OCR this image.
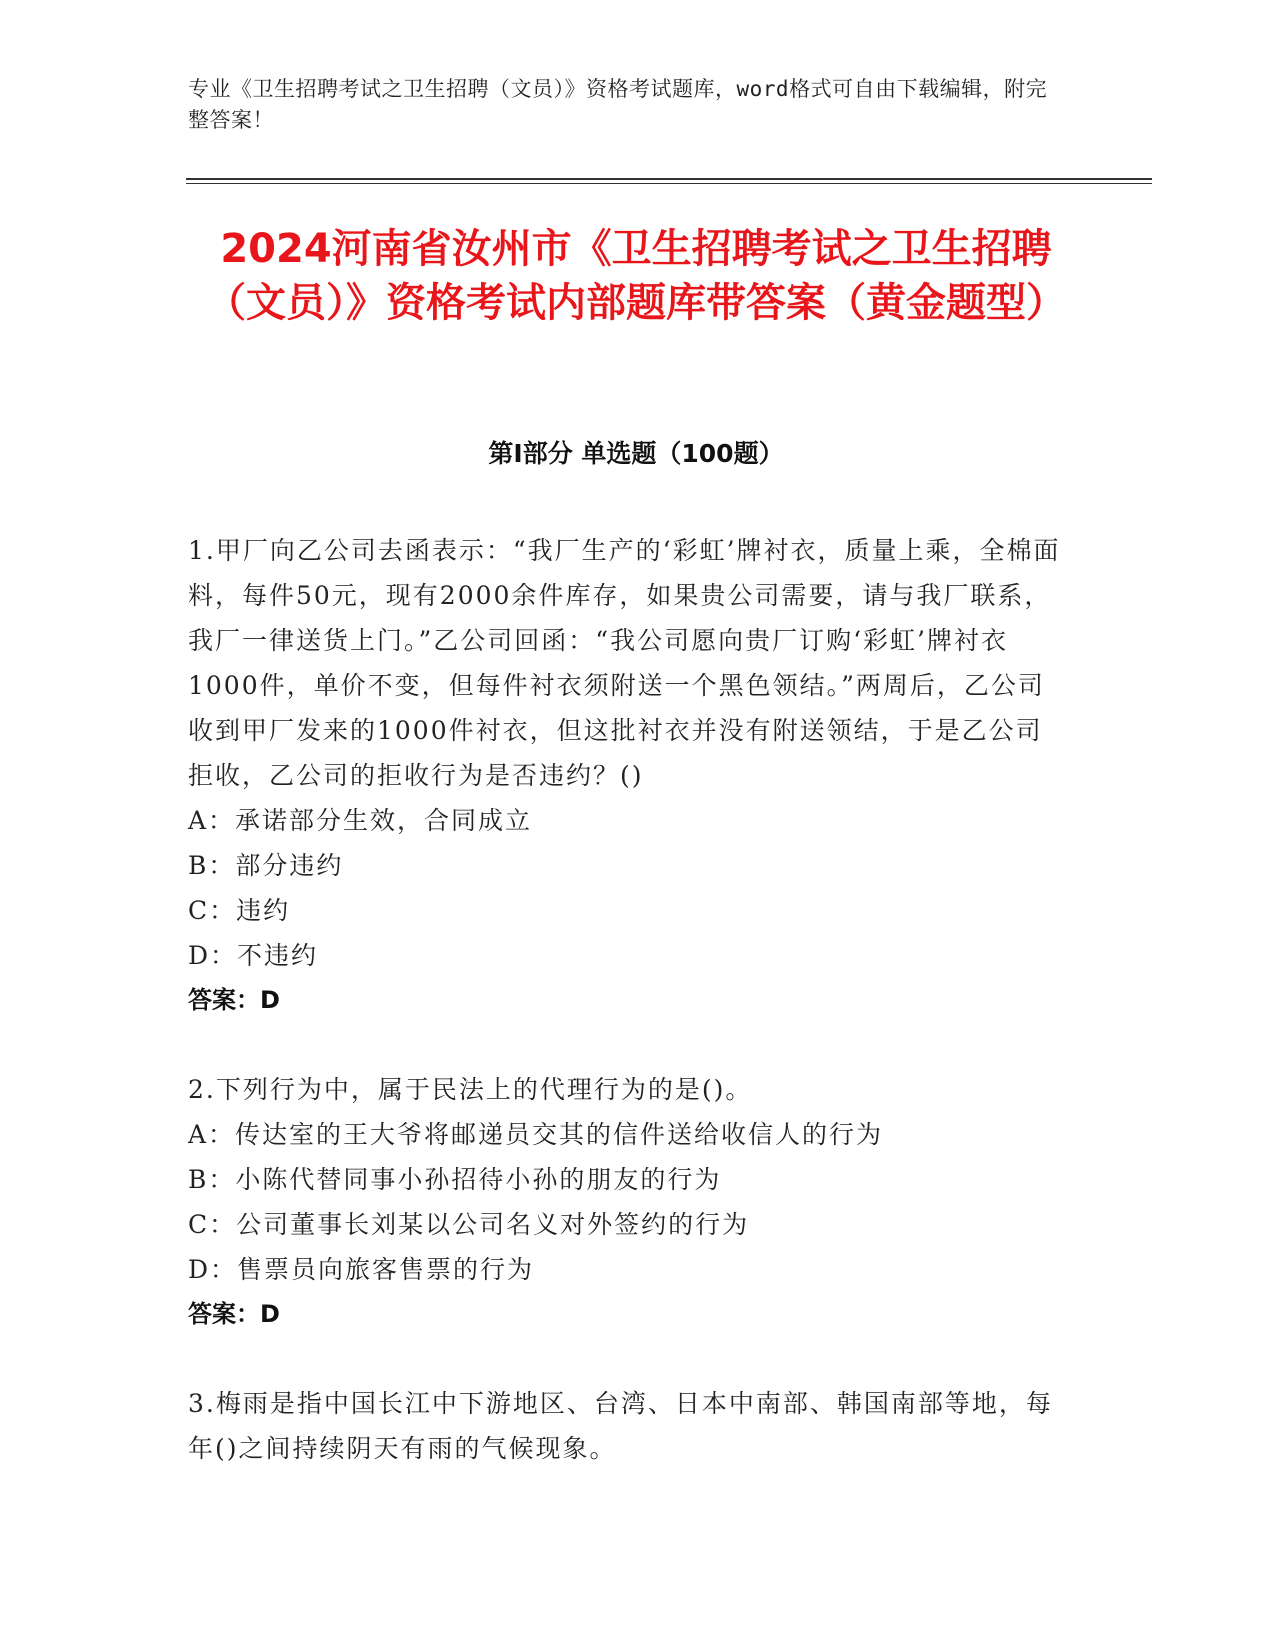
专业《卫生招聘考试之卫生招聘（文员）》资格考试题库，word格式可自由下载编辑，附完整答案！
2024河南省汝州市《卫生招聘考试之卫生招聘（文员）》资格考试内部题库带答案（黄金题型）
第Ⅰ部分 单选题（100题）
1.甲厂向乙公司去函表示：“我厂生产的‘彩虹’牌衬衣，质量上乘，全棉面料，每件50元，现有2000余件库存，如果贵公司需要，请与我厂联系，我厂一律送货上门。”乙公司回函：“我公司愿向贵厂订购‘彩虹’牌衬衣1000件，单价不变，但每件衬衣须附送一个黑色领结。”两周后，乙公司收到甲厂发来的1000件衬衣，但这批衬衣并没有附送领结，于是乙公司拒收，乙公司的拒收行为是否违约？()
A：承诺部分生效，合同成立
B：部分违约
C：违约
D：不违约
答案：D
2.下列行为中，属于民法上的代理行为的是()。
A：传达室的王大爷将邮递员交其的信件送给收信人的行为
B：小陈代替同事小孙招待小孙的朋友的行为
C：公司董事长刘某以公司名义对外签约的行为
D：售票员向旅客售票的行为
答案：D
3.梅雨是指中国长江中下游地区、台湾、日本中南部、韩国南部等地，每年()之间持续阴天有雨的气候现象。
